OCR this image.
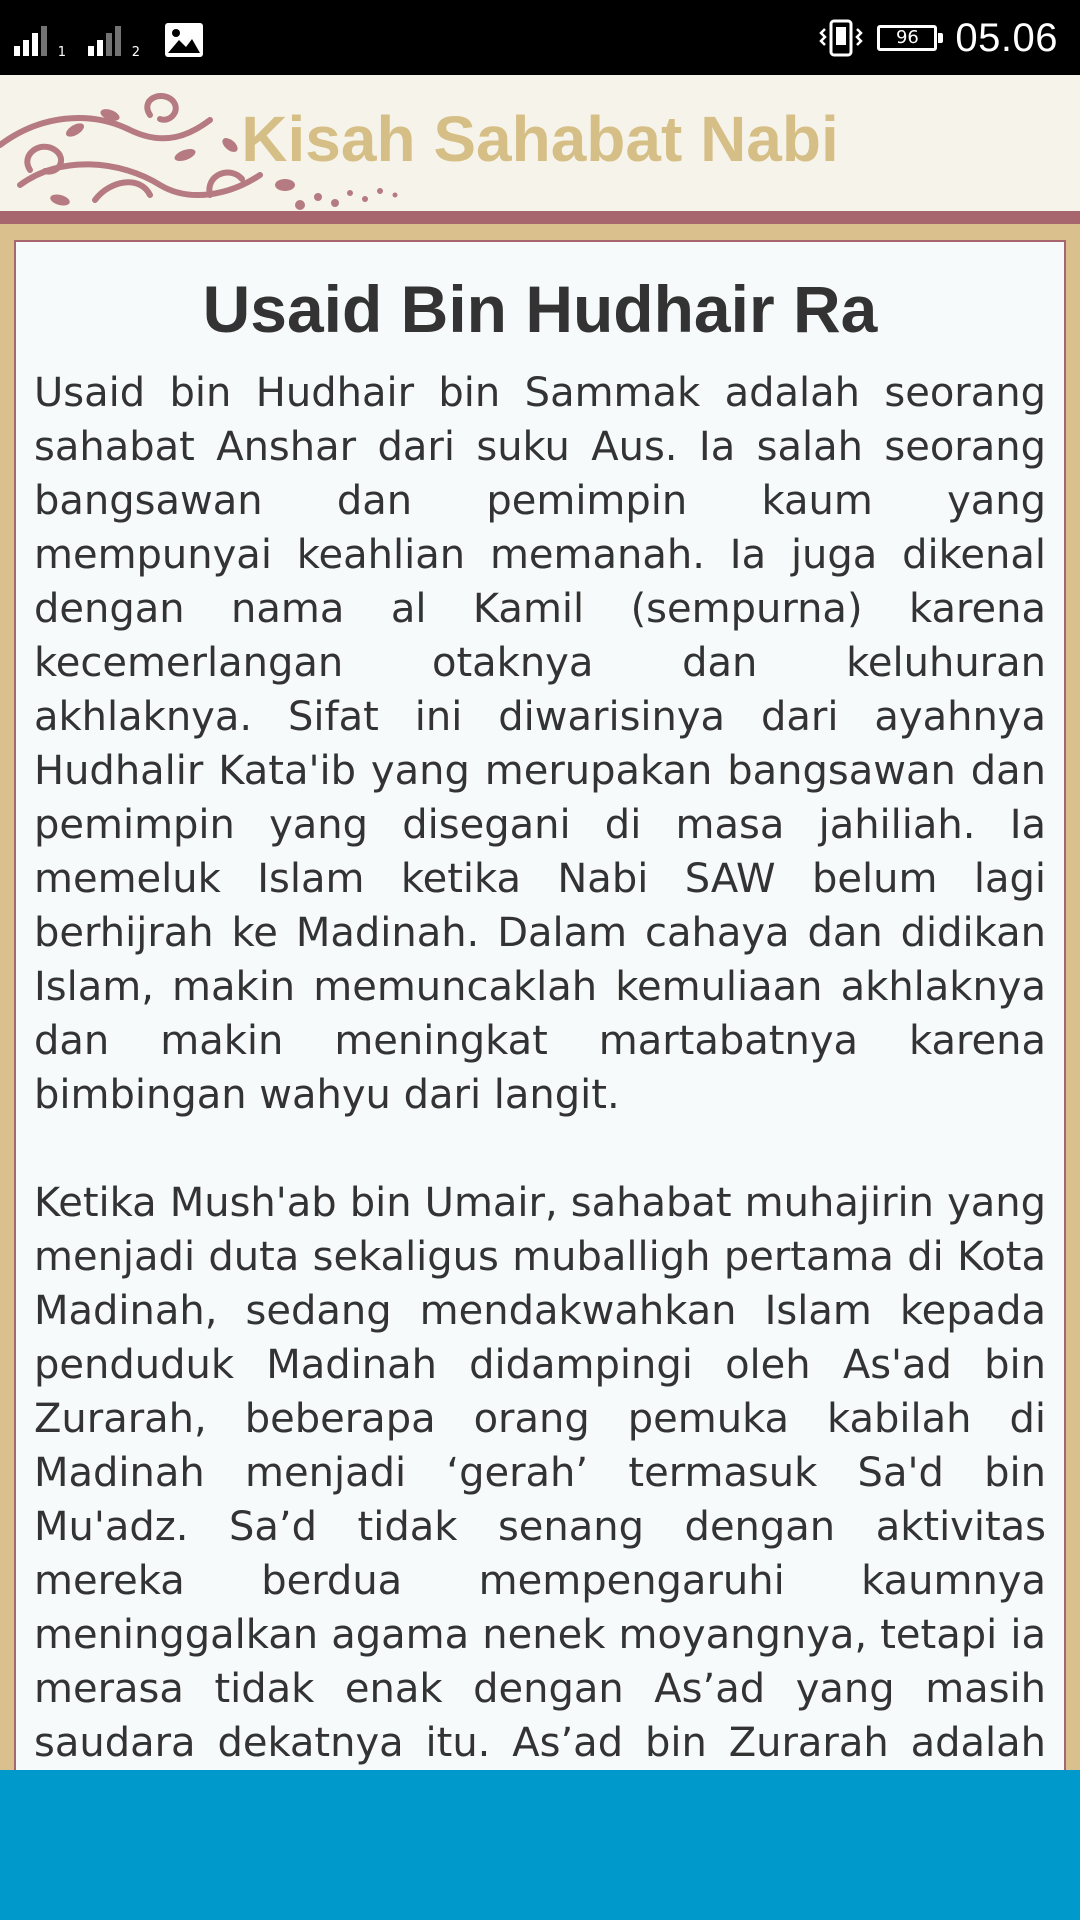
1	2
96 05.06
Kisah Sahabat Nabi
Usaid Bin Hudhair Ra

Usaid bin Hudhair bin Sammak adalah seorang sahabat Anshar dari suku Aus. Ia salah seorang bangsawan dan pemimpin kaum yang mempunyai keahlian memanah. Ia juga dikenal dengan nama al Kamil (sempurna) karena kecemerlangan otaknya dan keluhuran akhlaknya. Sifat ini diwarisinya dari ayahnya Hudhalir Kata'ib yang merupakan bangsawan dan pemimpin yang disegani di masa jahiliah. Ia memeluk Islam ketika Nabi SAW belum lagi berhijrah ke Madinah. Dalam cahaya dan didikan Islam, makin memuncaklah kemuliaan akhlaknya dan makin meningkat martabatnya karena bimbingan wahyu dari langit.

Ketika Mush'ab bin Umair, sahabat muhajirin yang menjadi duta sekaligus muballigh pertama di Kota Madinah, sedang mendakwahkan Islam kepada penduduk Madinah didampingi oleh As'ad bin Zurarah, beberapa orang pemuka kabilah di Madinah menjadi ‘gerah’ termasuk Sa'd bin Mu'adz. Sa’d tidak senang dengan aktivitas mereka berdua mempengaruhi kaumnya meninggalkan agama nenek moyangnya, tetapi ia merasa tidak enak dengan As’ad yang masih saudara dekatnya itu. As’ad bin Zurarah adalah
